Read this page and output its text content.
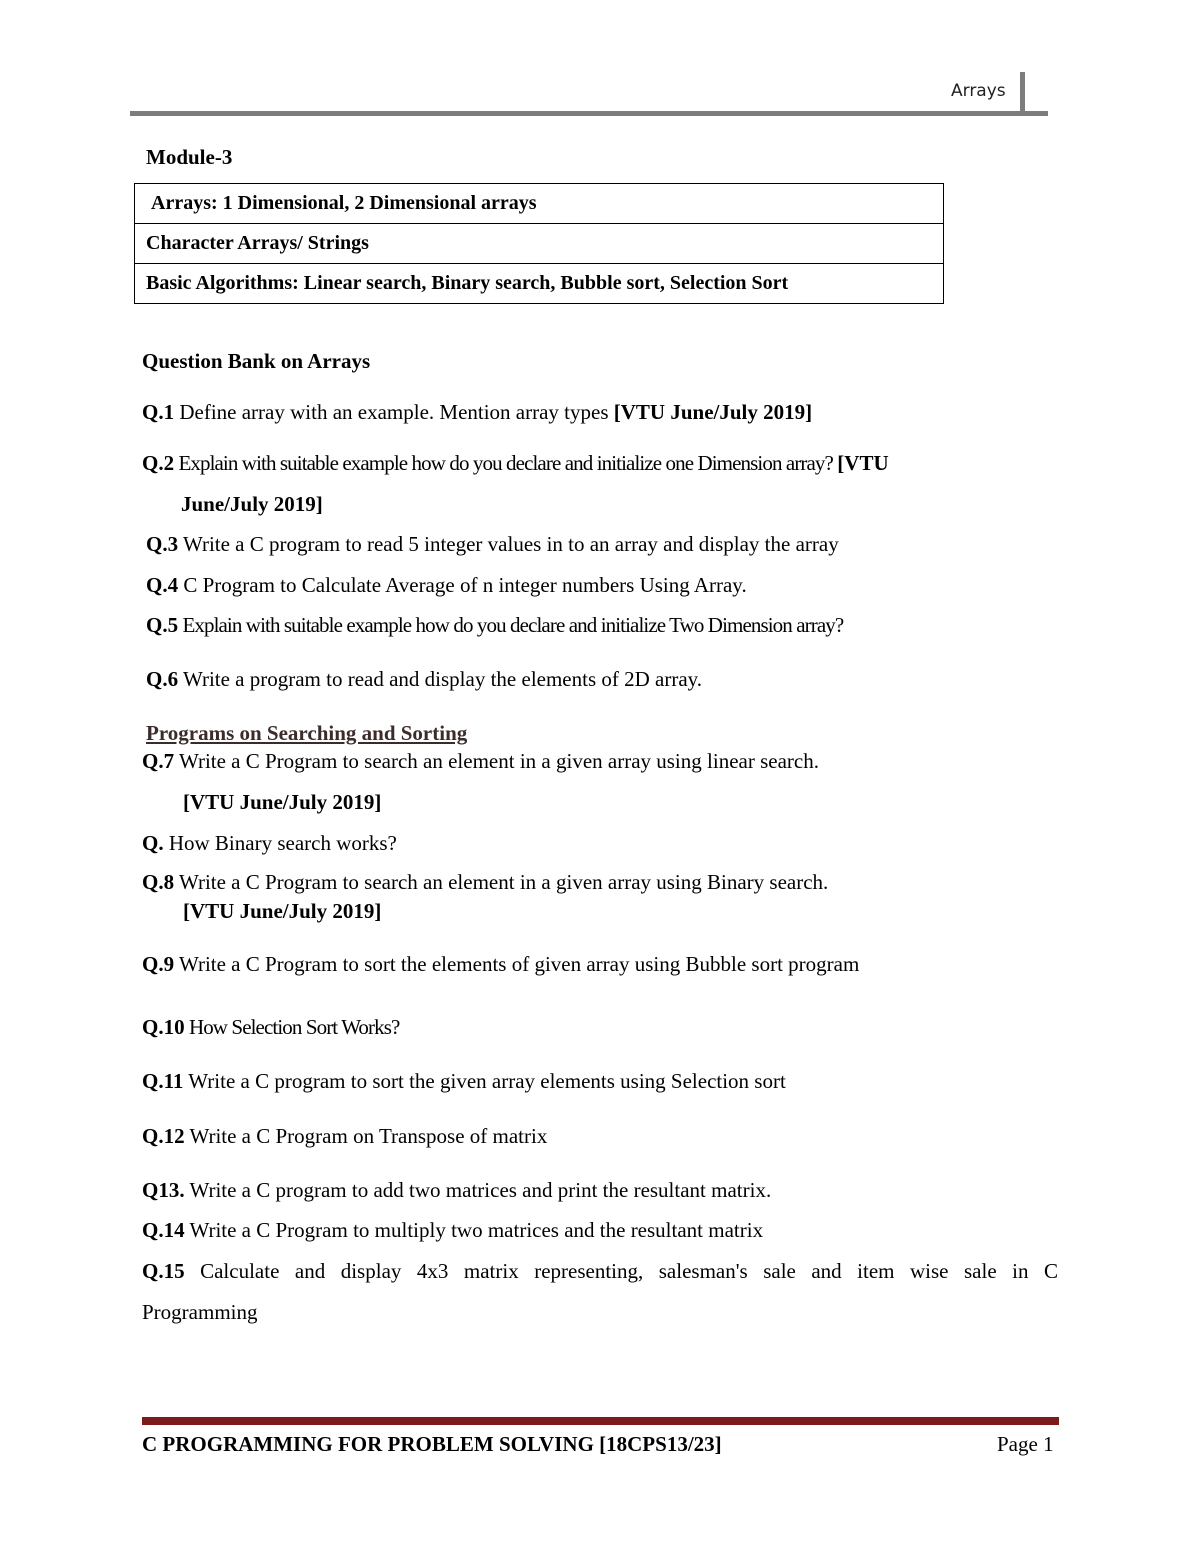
Arrays
Module-3
Arrays: 1 Dimensional, 2 Dimensional arrays
Character Arrays/ Strings
Basic Algorithms: Linear search, Binary search, Bubble sort, Selection Sort
Question Bank on Arrays
Q.1 Define array with an example. Mention array types [VTU June/July 2019]
Q.2 Explain with suitable example how do you declare and initialize one Dimension array? [VTU
June/July 2019]
Q.3 Write a C program to read 5 integer values in to an array and display the array
Q.4 C Program to Calculate Average of n integer numbers Using Array.
Q.5 Explain with suitable example how do you declare and initialize Two Dimension array?
Q.6 Write a program to read and display the elements of 2D array.
Programs on Searching and Sorting
Q.7 Write a C Program to search an element in a given array using linear search.
[VTU June/July 2019]
Q. How Binary search works?
Q.8 Write a C Program to search an element in a given array using Binary search.
[VTU June/July 2019]
Q.9 Write a C Program to sort the elements of given array using Bubble sort program
Q.10 How Selection Sort Works?
Q.11 Write a C program to sort the given array elements using Selection sort
Q.12 Write a C Program on Transpose of matrix
Q13. Write a C program to add two matrices and print the resultant matrix.
Q.14 Write a C Program to multiply two matrices and the resultant matrix
Q.15 Calculate and display 4x3 matrix representing, salesman's sale and item wise sale in C
Programming
C PROGRAMMING FOR PROBLEM SOLVING [18CPS13/23]	Page 1
